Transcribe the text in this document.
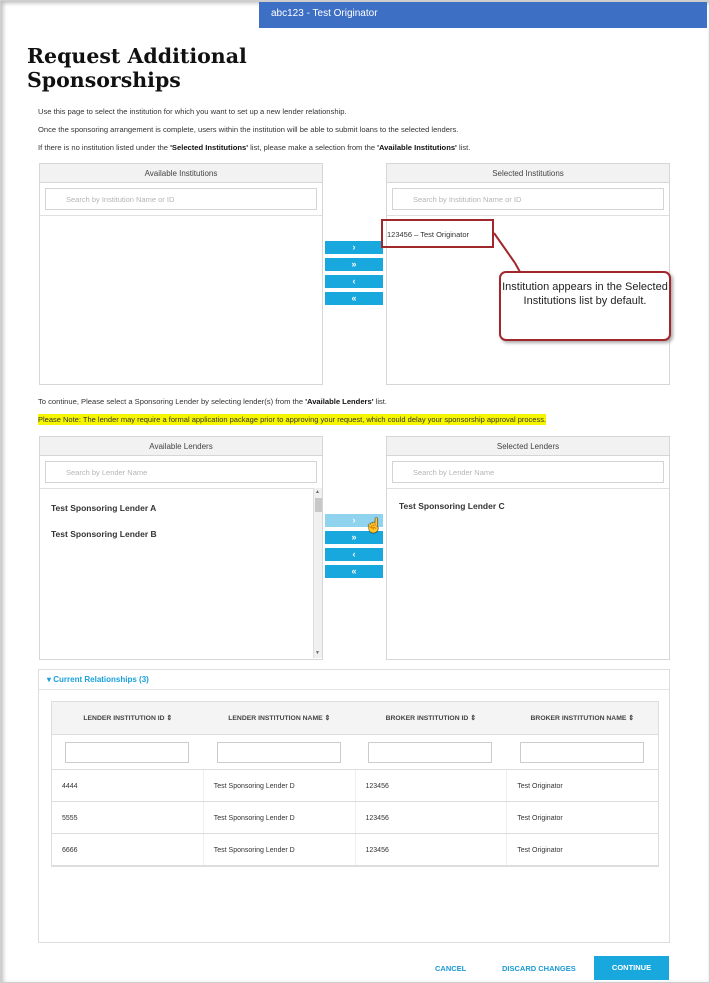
abc123 - Test Originator
Request Additional
Sponsorships
Use this page to select the institution for which you want to set up a new lender relationship.
Once the sponsoring arrangement is complete, users within the institution will be able to submit loans to the selected lenders.
If there is no institution listed under the 'Selected Institutions' list, please make a selection from the 'Available Institutions' list.
Available Institutions
Search by Institution Name or ID
Selected Institutions
Search by Institution Name or ID
123456 – Test Originator
›
»
‹
«
Institution appears in the Selected Institutions list by default.
To continue, Please select a Sponsoring Lender by selecting lender(s) from the 'Available Lenders' list.
Please Note: The lender may require a formal application package prior to approving your request, which could delay your sponsorship approval process.
Available Lenders
Search by Lender Name
Test Sponsoring Lender A
Test Sponsoring Lender B
▲
▼
Selected Lenders
Search by Lender Name
Test Sponsoring Lender C
›
»
‹
«
☝
▾ Current Relationships (3)
LENDER INSTITUTION ID ⇕	LENDER INSTITUTION NAME ⇕	BROKER INSTITUTION ID ⇕	BROKER INSTITUTION NAME ⇕
4444	Test Sponsoring Lender D	123456	Test Originator
5555	Test Sponsoring Lender D	123456	Test Originator
6666	Test Sponsoring Lender D	123456	Test Originator
CANCEL	DISCARD CHANGES	CONTINUE
